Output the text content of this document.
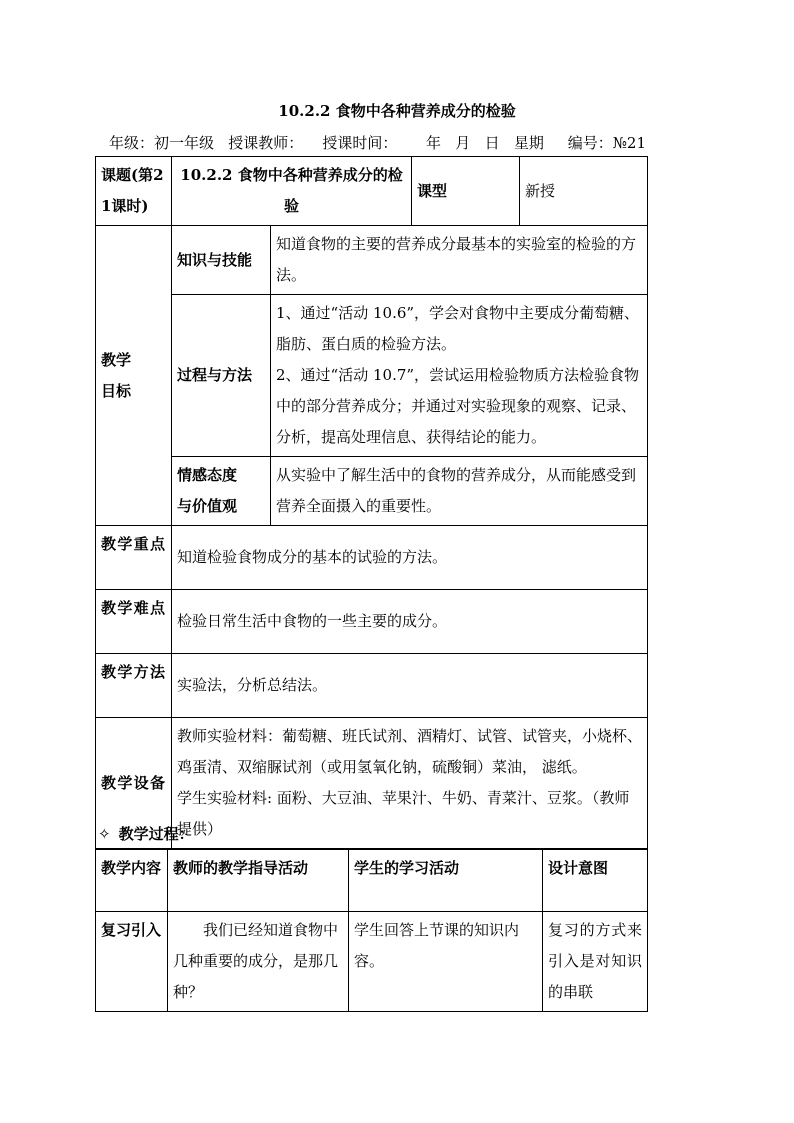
10.2.2 食物中各种营养成分的检验
年级：初一年级   授课教师：    授课时间：      年   月   日   星期     编号：№21
课题(第21课时)	10.2.2 食物中各种营养成分的检验		课型	新授

教学目标	知识与技能	知道食物的主要的营养成分最基本的实验室的检验的方法。		
	过程与方法	1、通过“活动 10.6”，学会对食物中主要成分葡萄糖、脂肪、蛋白质的检验方法。
2、通过“活动 10.7”，尝试运用检验物质方法检验食物中的部分营养成分；并通过对实验现象的观察、记录、分析，提高处理信息、获得结论的能力。		

	情感态度与价值观	从实验中了解生活中的食物的营养成分，从而能感受到营养全面摄入的重要性。		

教学重点	知道检验食物成分的基本的试验的方法。			

教学难点	检验日常生活中食物的一些主要的成分。			

教学方法	实验法，分析总结法。			

教学设备	教师实验材料：葡萄糖、班氏试剂、酒精灯、试管、试管夹，小烧杯、鸡蛋清、双缩脲试剂（或用氢氧化钠，硫酸铜）菜油， 滤纸。
学生实验材料: 面粉、大豆油、苹果汁、牛奶、青菜汁、豆浆。（教师提供）			
✧ 教学过程：
教学内容	教师的教学指导活动	学生的学习活动	设计意图

复习引入	我们已经知道食物中几种重要的成分，是那几种？	学生回答上节课的知识内容。	复习的方式来引入是对知识的串联
